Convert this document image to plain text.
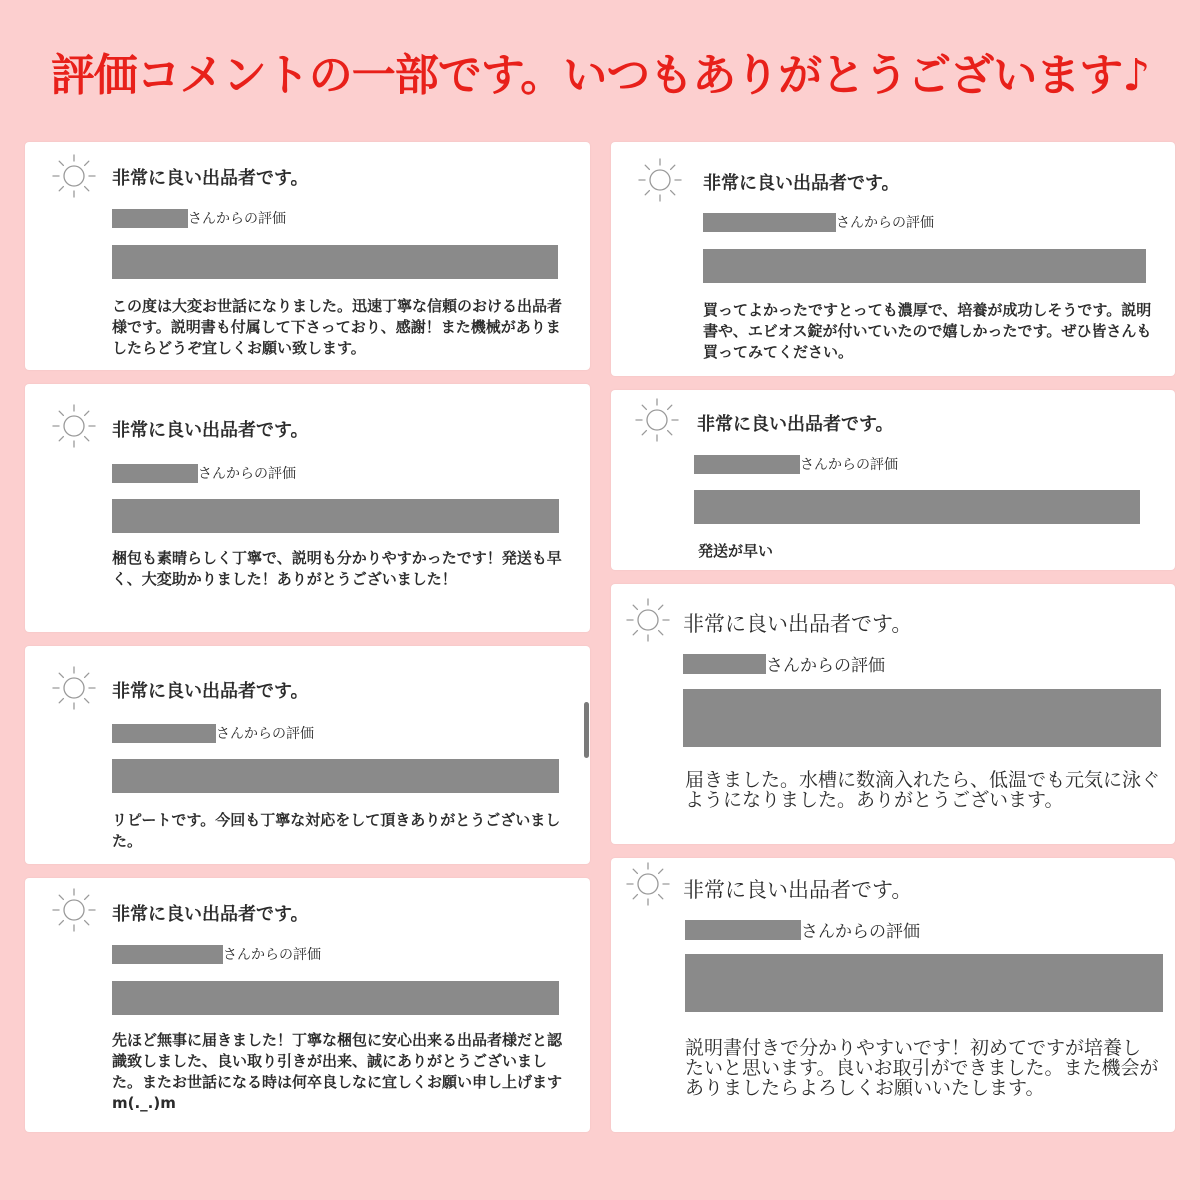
評価コメントの一部です。いつもありがとうございます♪
非常に良い出品者です。
さんからの評価
この度は大変お世話になりました。迅速丁寧な信頼のおける出品者様です。説明書も付属して下さっており、感謝！また機械がありましたらどうぞ宜しくお願い致します。
非常に良い出品者です。
さんからの評価
梱包も素晴らしく丁寧で、説明も分かりやすかったです！発送も早く、大変助かりました！ありがとうございました！
非常に良い出品者です。
さんからの評価
リピートです。今回も丁寧な対応をして頂きありがとうございました。
非常に良い出品者です。
さんからの評価
先ほど無事に届きました！丁寧な梱包に安心出来る出品者様だと認識致しました、良い取り引きが出来、誠にありがとうございました。またお世話になる時は何卒良しなに宜しくお願い申し上げますm(._.)m
非常に良い出品者です。
さんからの評価
買ってよかったですとっても濃厚で、培養が成功しそうです。説明書や、エビオス錠が付いていたので嬉しかったです。ぜひ皆さんも買ってみてください。
非常に良い出品者です。
さんからの評価
発送が早い
非常に良い出品者です。
さんからの評価
届きました。水槽に数滴入れたら、低温でも元気に泳ぐようになりました。ありがとうございます。
非常に良い出品者です。
さんからの評価
説明書付きで分かりやすいです！初めてですが培養したいと思います。良いお取引ができました。また機会がありましたらよろしくお願いいたします。
